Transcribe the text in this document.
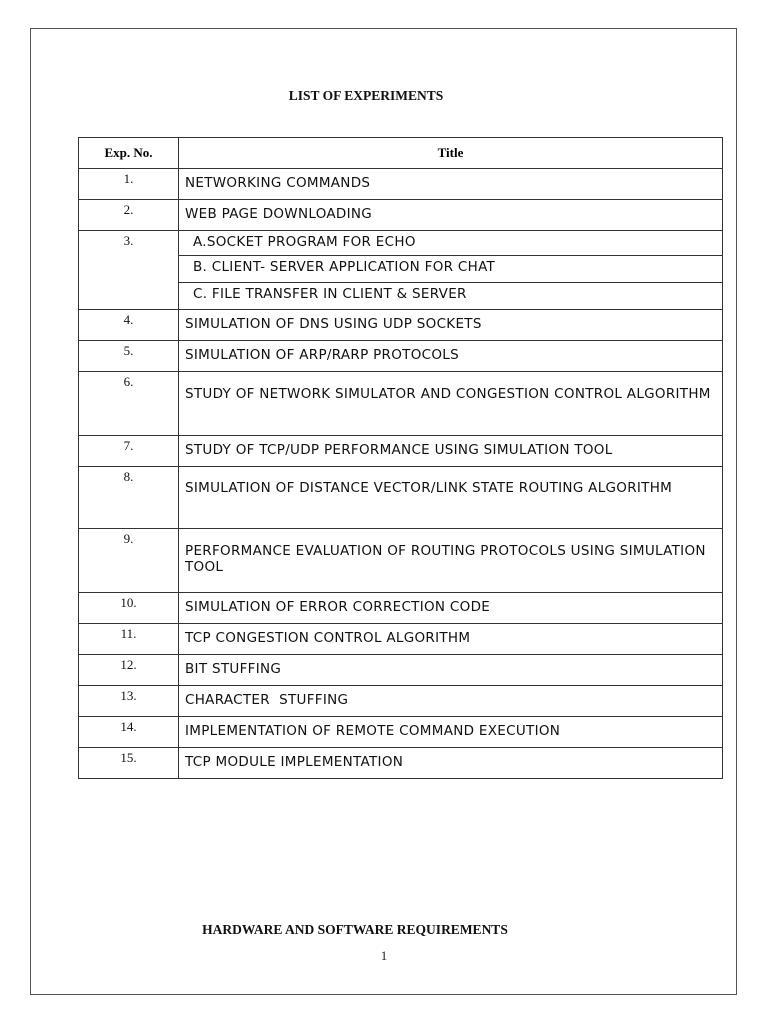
LIST OF EXPERIMENTS
Exp. No.	Title
1.	NETWORKING COMMANDS

2.	WEB PAGE DOWNLOADING

3.	A.SOCKET PROGRAM FOR ECHO
B. CLIENT- SERVER APPLICATION FOR CHAT
C. FILE TRANSFER IN CLIENT & SERVER

4.	SIMULATION OF DNS USING UDP SOCKETS

5.	SIMULATION OF ARP/RARP PROTOCOLS

6.	STUDY OF NETWORK SIMULATOR AND CONGESTION CONTROL ALGORITHM

7.	STUDY OF TCP/UDP PERFORMANCE USING SIMULATION TOOL

8.	SIMULATION OF DISTANCE VECTOR/LINK STATE ROUTING ALGORITHM

9.	PERFORMANCE EVALUATION OF ROUTING PROTOCOLS USING SIMULATION TOOL

10.	SIMULATION OF ERROR CORRECTION CODE

11.	TCP CONGESTION CONTROL ALGORITHM

12.	BIT STUFFING

13.	CHARACTER  STUFFING

14.	IMPLEMENTATION OF REMOTE COMMAND EXECUTION

15.	TCP MODULE IMPLEMENTATION
HARDWARE AND SOFTWARE REQUIREMENTS
1
